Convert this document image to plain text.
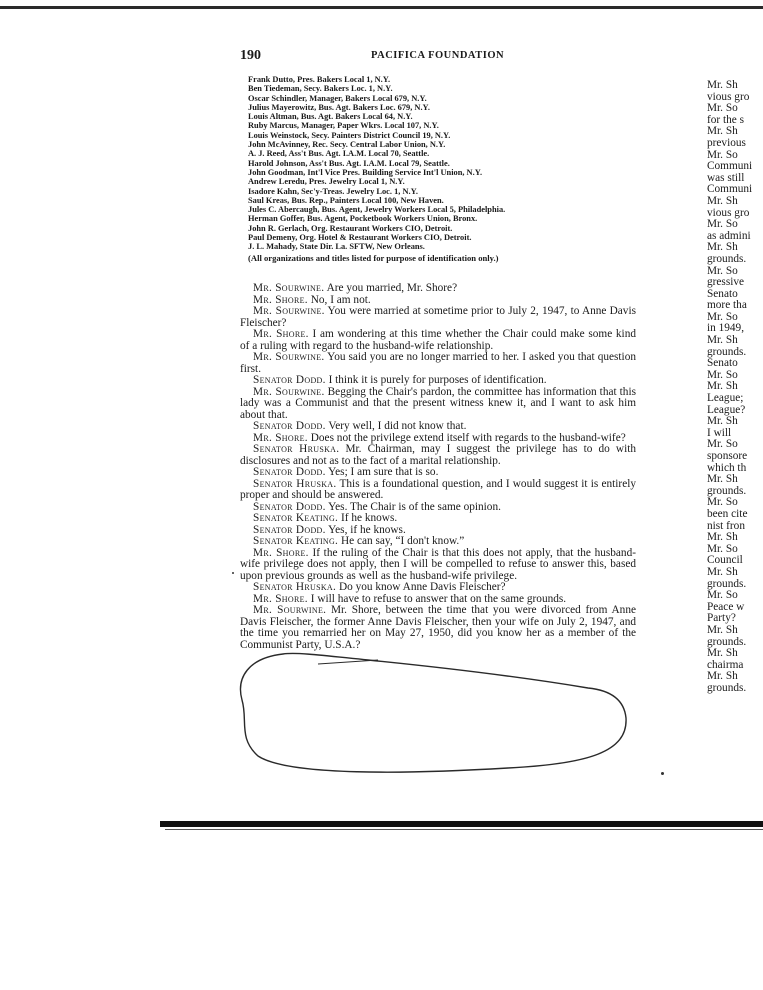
190	PACIFICA FOUNDATION
Frank Dutto, Pres. Bakers Local 1, N.Y.
Ben Tiedeman, Secy. Bakers Loc. 1, N.Y.
Oscar Schindler, Manager, Bakers Local 679, N.Y.
Julius Mayerowitz, Bus. Agt. Bakers Loc. 679, N.Y.
Louis Altman, Bus. Agt. Bakers Local 64, N.Y.
Ruby Marcus, Manager, Paper Wkrs. Local 107, N.Y.
Louis Weinstock, Secy. Painters District Council 19, N.Y.
John McAvinney, Rec. Secy. Central Labor Union, N.Y.
A. J. Reed, Ass't Bus. Agt. I.A.M. Local 70, Seattle.
Harold Johnson, Ass't Bus. Agt. I.A.M. Local 79, Seattle.
John Goodman, Int'l Vice Pres. Building Service Int'l Union, N.Y.
Andrew Leredu, Pres. Jewelry Local 1, N.Y.
Isadore Kahn, Sec'y-Treas. Jewelry Loc. 1, N.Y.
Saul Kreas, Bus. Rep., Painters Local 100, New Haven.
Jules C. Abercaugh, Bus. Agent, Jewelry Workers Local 5, Philadelphia.
Herman Goffer, Bus. Agent, Pocketbook Workers Union, Bronx.
John R. Gerlach, Org. Restaurant Workers CIO, Detroit.
Paul Demeny, Org. Hotel & Restaurant Workers CIO, Detroit.
J. L. Mahady, State Dir. La. SFTW, New Orleans.
(All organizations and titles listed for purpose of identification only.)

Mr. Sourwine. Are you married, Mr. Shore?

Mr. Shore. No, I am not.

Mr. Sourwine. You were married at sometime prior to July 2, 1947, to Anne Davis Fleischer?

Mr. Shore. I am wondering at this time whether the Chair could make some kind of a ruling with regard to the husband-wife relationship.

Mr. Sourwine. You said you are no longer married to her. I asked you that question first.

Senator Dodd. I think it is purely for purposes of identification.

Mr. Sourwine. Begging the Chair's pardon, the committee has information that this lady was a Communist and that the present witness knew it, and I want to ask him about that.

Senator Dodd. Very well, I did not know that.

Mr. Shore. Does not the privilege extend itself with regards to the husband-wife?

Senator Hruska. Mr. Chairman, may I suggest the privilege has to do with disclosures and not as to the fact of a marital relationship.

Senator Dodd. Yes; I am sure that is so.

Senator Hruska. This is a foundational question, and I would suggest it is entirely proper and should be answered.

Senator Dodd. Yes. The Chair is of the same opinion.

Senator Keating. If he knows.

Senator Dodd. Yes, if he knows.

Senator Keating. He can say, “I don't know.”

Mr. Shore. If the ruling of the Chair is that this does not apply, that the husband-wife privilege does not apply, then I will be compelled to refuse to answer this, based upon previous grounds as well as the husband-wife privilege.

Senator Hruska. Do you know Anne Davis Fleischer?

Mr. Shore. I will have to refuse to answer that on the same grounds.

Mr. Sourwine. Mr. Shore, between the time that you were divorced from Anne Davis Fleischer, the former Anne Davis Fleischer, then your wife on July 2, 1947, and the time you remarried her on May 27, 1950, did you know her as a member of the Communist Party, U.S.A.?

Mr. Sh

vious gro

Mr. So

for the s

Mr. Sh

previous

Mr. So

Communi

was still

Communi

Mr. Sh

vious gro

Mr. So

as admini

Mr. Sh

grounds.

Mr. So

gressive

Senato

more tha

Mr. So

in 1949,

Mr. Sh

grounds.

Senato

Mr. So

Mr. Sh

League;

League?

Mr. Sh

I will

Mr. So

sponsore

which th

Mr. Sh

grounds.

Mr. So

been cite

nist fron

Mr. Sh

Mr. So

Council

Mr. Sh

grounds.

Mr. So

Peace w

Party?

Mr. Sh

grounds.

Mr. Sh

chairma

Mr. Sh

grounds.
